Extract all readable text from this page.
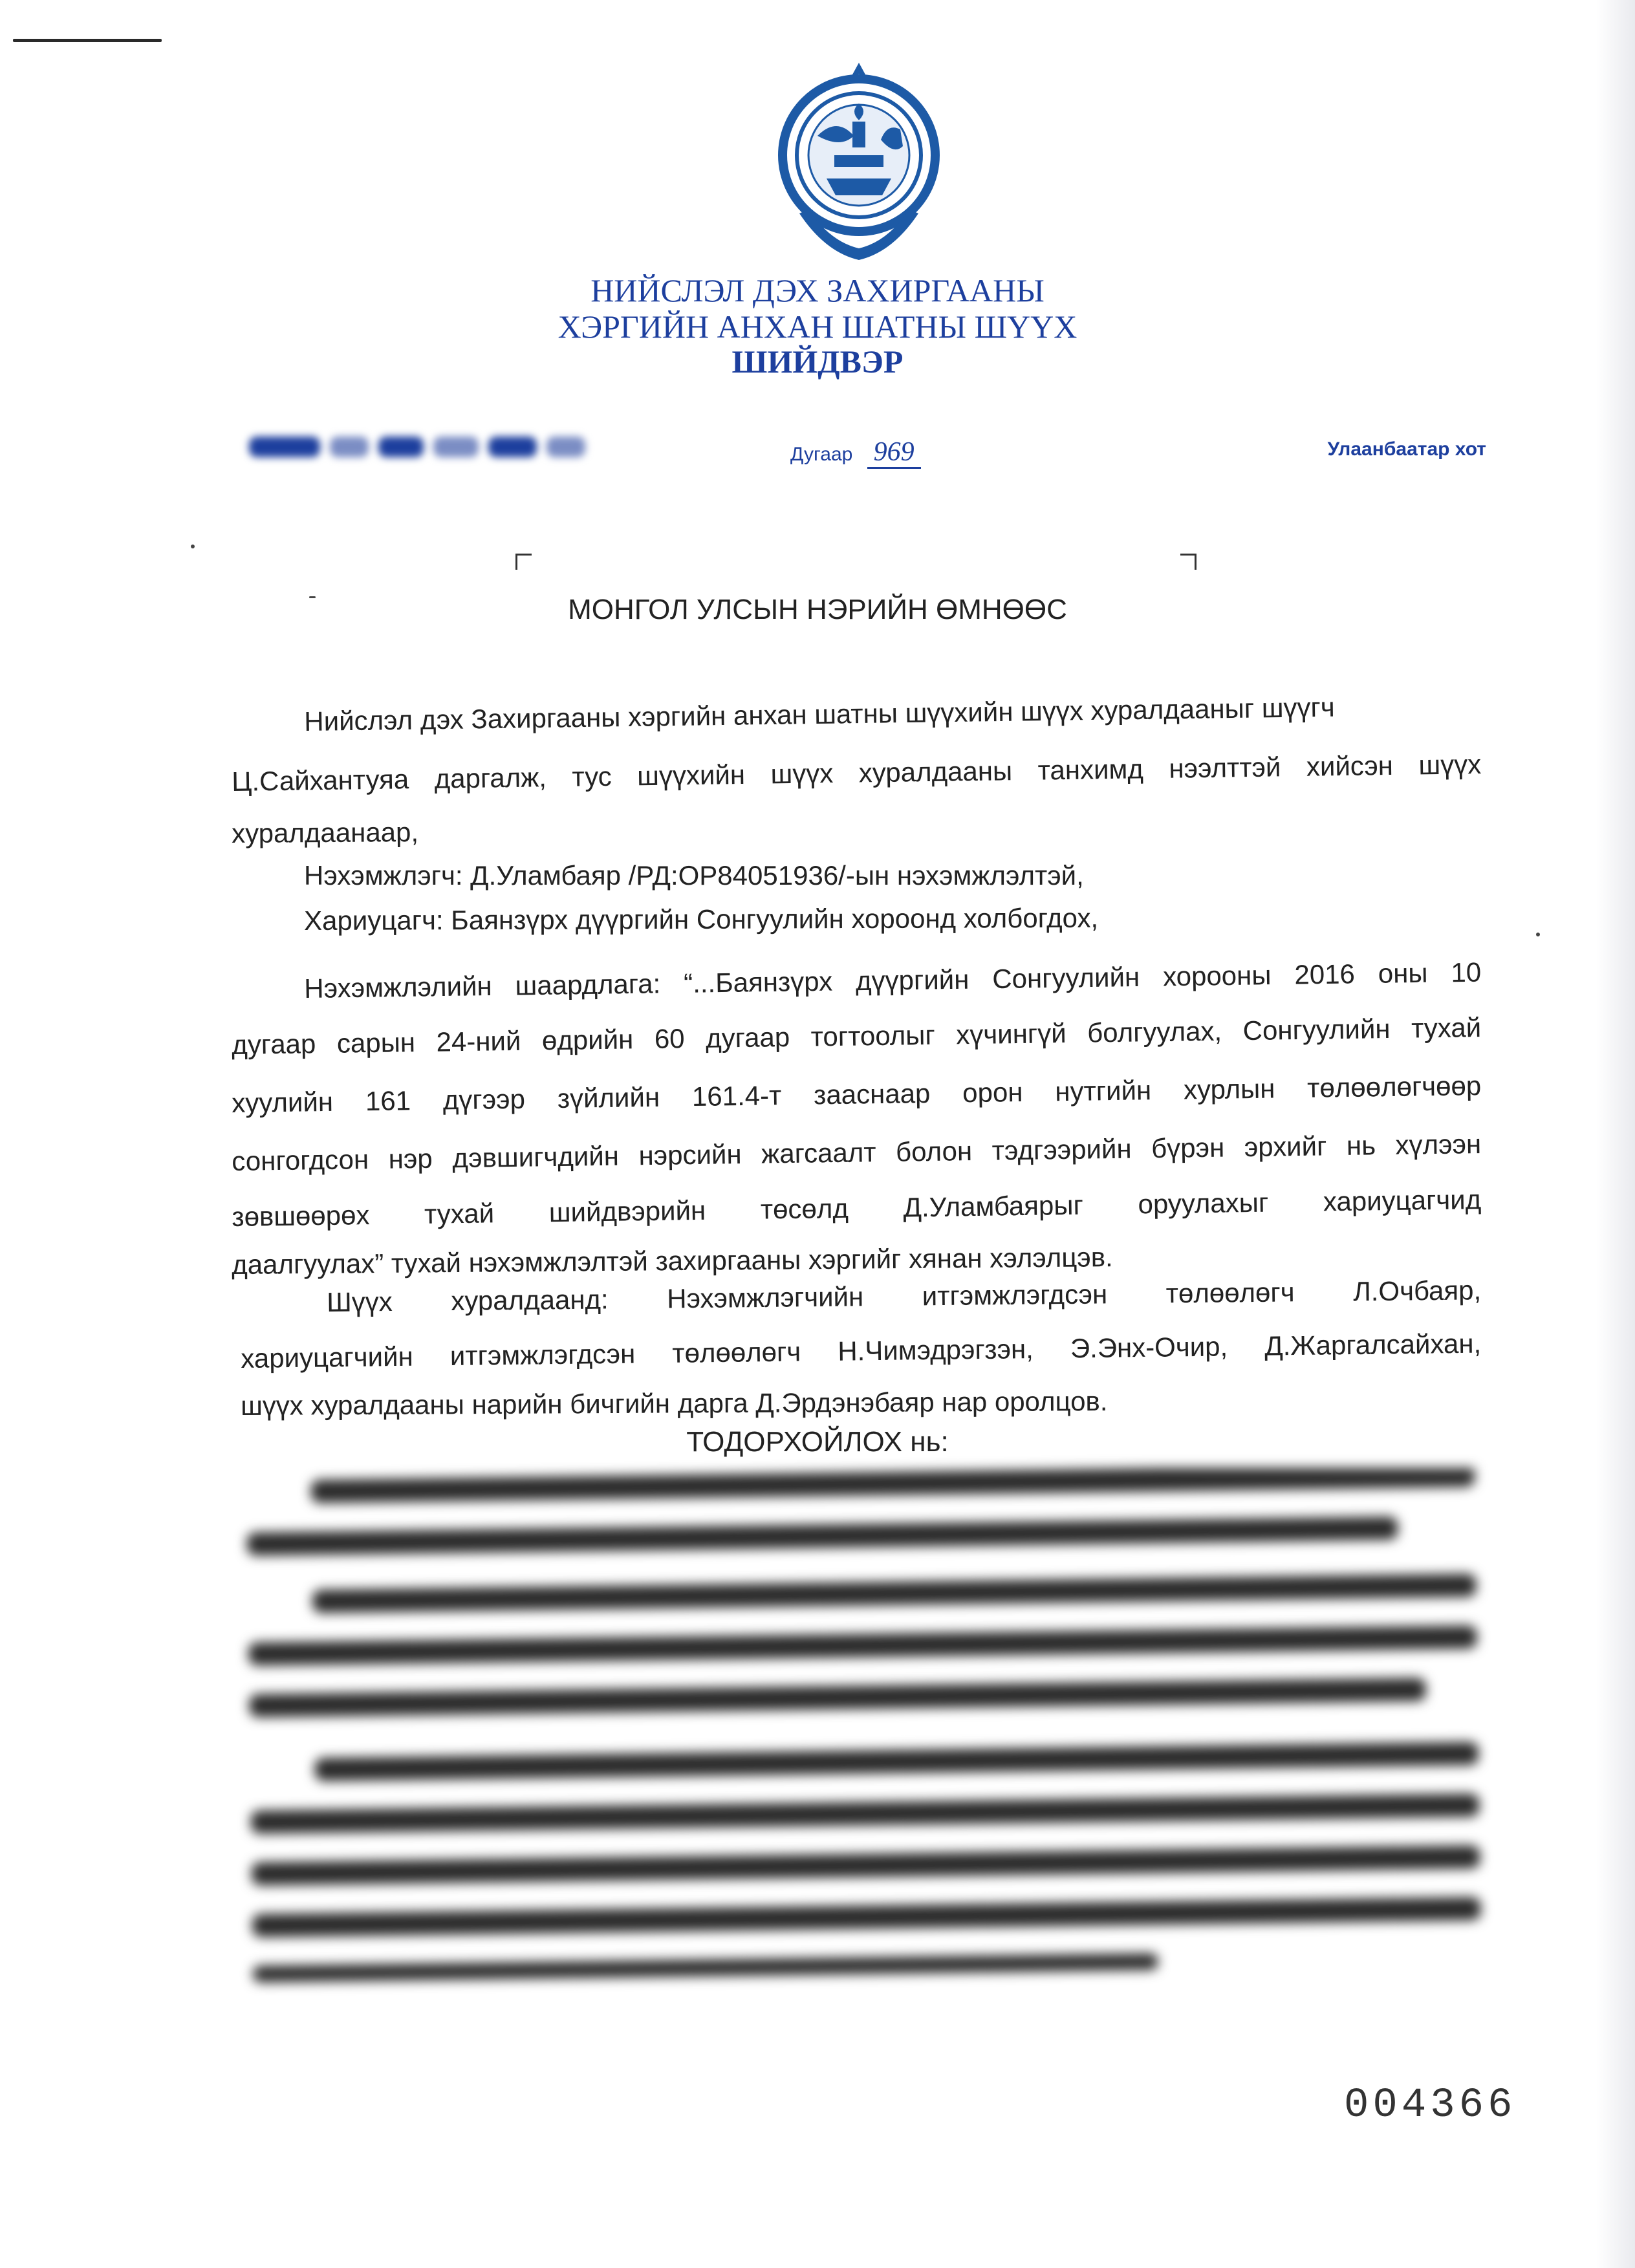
НИЙСЛЭЛ ДЭХ ЗАХИРГААНЫ
ХЭРГИЙН АНХАН ШАТНЫ ШҮҮХ
ШИЙДВЭР
Дугаар 969	Улаанбаатар хот
МОНГОЛ УЛСЫН НЭРИЙН ӨМНӨӨС
Нийслэл дэх Захиргааны хэргийн анхан шатны шүүхийн шүүх хуралдааныг шүүгч
Ц.Сайхантуяа даргалж, тус шүүхийн шүүх хуралдааны танхимд нээлттэй хийсэн шүүх
хуралдаанаар,
Нэхэмжлэгч: Д.Уламбаяр /РД:ОР84051936/-ын нэхэмжлэлтэй,
Хариуцагч: Баянзүрх дүүргийн Сонгуулийн хороонд холбогдох,
Нэхэмжлэлийн шаардлага: “...Баянзүрх дүүргийн Сонгуулийн хорооны 2016 оны 10
дугаар сарын 24-ний өдрийн 60 дугаар тогтоолыг хүчингүй болгуулах, Сонгуулийн тухай
хуулийн 161 дүгээр зүйлийн 161.4-т зааснаар орон нутгийн хурлын төлөөлөгчөөр
сонгогдсон нэр дэвшигчдийн нэрсийн жагсаалт болон тэдгээрийн бүрэн эрхийг нь хүлээн
зөвшөөрөх тухай шийдвэрийн төсөлд Д.Уламбаярыг оруулахыг хариуцагчид
даалгуулах” тухай нэхэмжлэлтэй захиргааны хэргийг хянан хэлэлцэв.
Шүүх хуралдаанд: Нэхэмжлэгчийн итгэмжлэгдсэн төлөөлөгч Л.Очбаяр,
хариуцагчийн итгэмжлэгдсэн төлөөлөгч Н.Чимэдрэгзэн, Э.Энх-Очир, Д.Жаргалсайхан,
шүүх хуралдааны нарийн бичгийн дарга Д.Эрдэнэбаяр нар оролцов.
ТОДОРХОЙЛОХ нь:
004366
